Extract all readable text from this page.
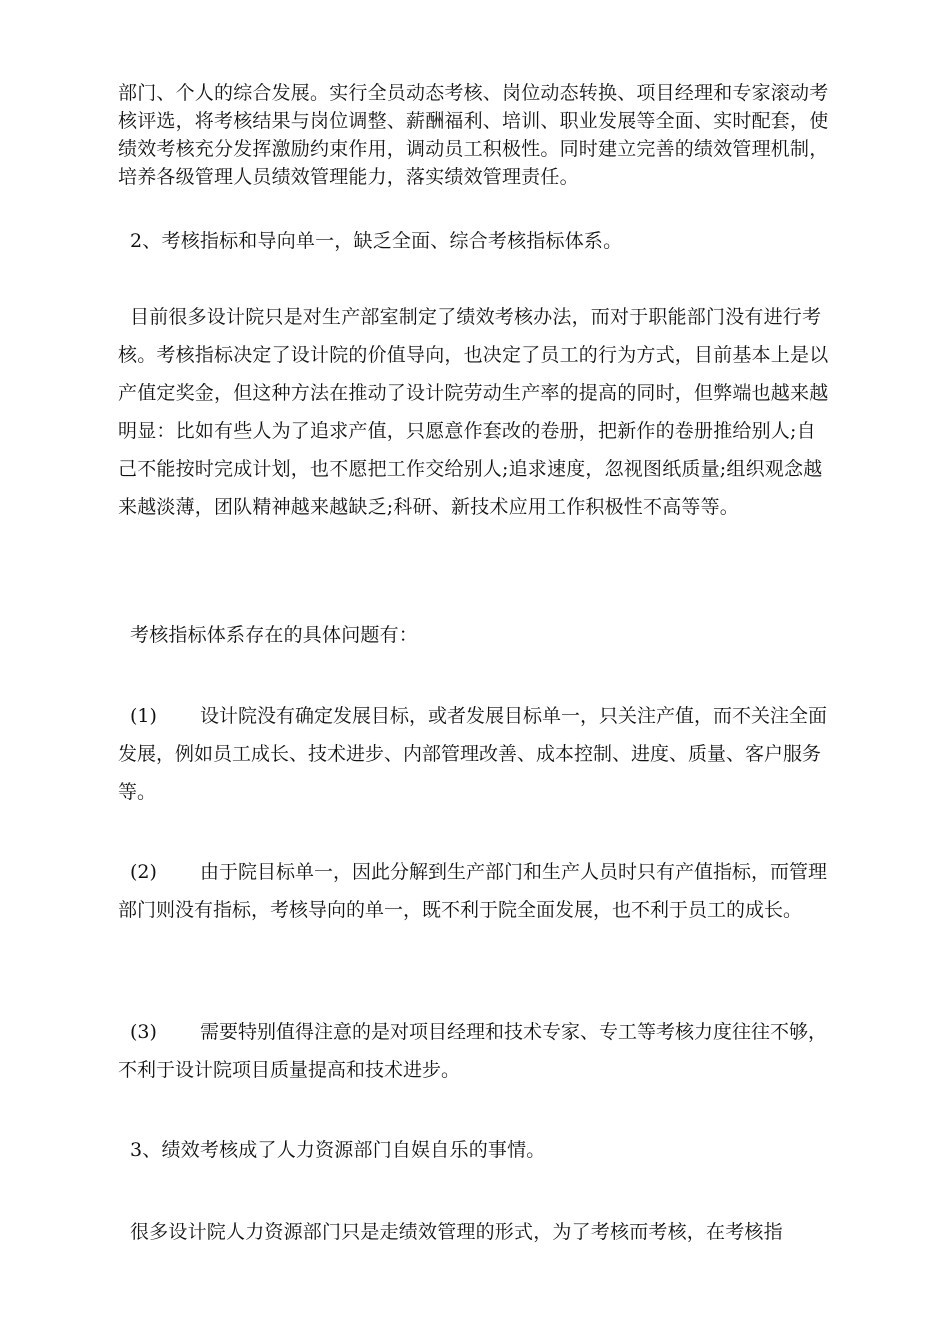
部门、个人的综合发展。实行全员动态考核、岗位动态转换、项目经理和专家滚动考核评选，将考核结果与岗位调整、薪酬福利、培训、职业发展等全面、实时配套，使绩效考核充分发挥激励约束作用，调动员工积极性。同时建立完善的绩效管理机制，培养各级管理人员绩效管理能力，落实绩效管理责任。

2、考核指标和导向单一，缺乏全面、综合考核指标体系。

目前很多设计院只是对生产部室制定了绩效考核办法，而对于职能部门没有进行考核。考核指标决定了设计院的价值导向，也决定了员工的行为方式，目前基本上是以产值定奖金，但这种方法在推动了设计院劳动生产率的提高的同时，但弊端也越来越明显：比如有些人为了追求产值，只愿意作套改的卷册，把新作的卷册推给别人;自己不能按时完成计划，也不愿把工作交给别人;追求速度，忽视图纸质量;组织观念越来越淡薄，团队精神越来越缺乏;科研、新技术应用工作积极性不高等等。

考核指标体系存在的具体问题有：

(1) 设计院没有确定发展目标，或者发展目标单一，只关注产值，而不关注全面发展，例如员工成长、技术进步、内部管理改善、成本控制、进度、质量、客户服务等。

(2) 由于院目标单一，因此分解到生产部门和生产人员时只有产值指标，而管理部门则没有指标，考核导向的单一，既不利于院全面发展，也不利于员工的成长。

(3) 需要特别值得注意的是对项目经理和技术专家、专工等考核力度往往不够，不利于设计院项目质量提高和技术进步。

3、绩效考核成了人力资源部门自娱自乐的事情。

很多设计院人力资源部门只是走绩效管理的形式，为了考核而考核，在考核指
